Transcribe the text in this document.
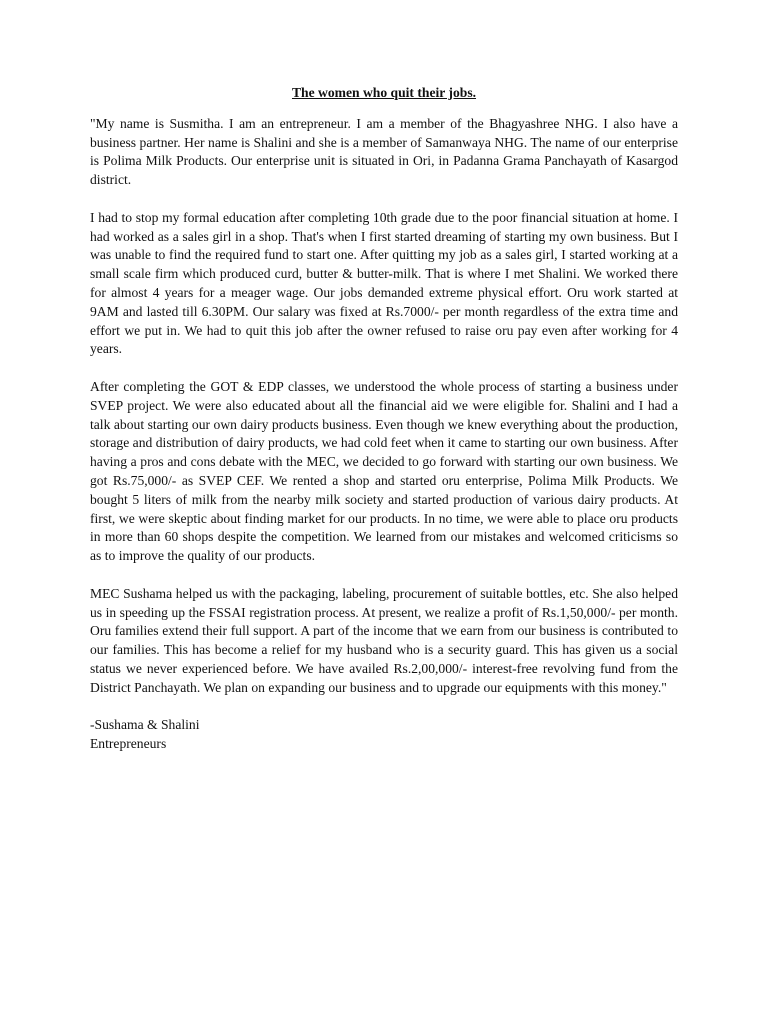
The women who quit their jobs.

"My name is Susmitha. I am an entrepreneur. I am a member of the Bhagyashree NHG. I also have a business partner. Her name is Shalini and she is a member of Samanwaya NHG. The name of our enterprise is Polima Milk Products. Our enterprise unit is situated in Ori, in Padanna Grama Panchayath of Kasargod district.

I had to stop my formal education after completing 10th grade due to the poor financial situation at home. I had worked as a sales girl in a shop. That's when I first started dreaming of starting my own business. But I was unable to find the required fund to start one. After quitting my job as a sales girl, I started working at a small scale firm which produced curd, butter & butter-milk. That is where I met Shalini. We worked there for almost 4 years for a meager wage. Our jobs demanded extreme physical effort. Oru work started at 9AM and lasted till 6.30PM. Our salary was fixed at Rs.7000/- per month regardless of the extra time and effort we put in. We had to quit this job after the owner refused to raise oru pay even after working for 4 years.

After completing the GOT & EDP classes, we understood the whole process of starting a business under SVEP project. We were also educated about all the financial aid we were eligible for. Shalini and I had a talk about starting our own dairy products business. Even though we knew everything about the production, storage and distribution of dairy products, we had cold feet when it came to starting our own business. After having a pros and cons debate with the MEC, we decided to go forward with starting our own business. We got Rs.75,000/- as SVEP CEF. We rented a shop and started oru enterprise, Polima Milk Products. We bought 5 liters of milk from the nearby milk society and started production of various dairy products. At first, we were skeptic about finding market for our products. In no time, we were able to place oru products in more than 60 shops despite the competition. We learned from our mistakes and welcomed criticisms so as to improve the quality of our products.

MEC Sushama helped us with the packaging, labeling, procurement of suitable bottles, etc. She also helped us in speeding up the FSSAI registration process. At present, we realize a profit of Rs.1,50,000/- per month. Oru families extend their full support. A part of the income that we earn from our business is contributed to our families. This has become a relief for my husband who is a security guard. This has given us a social status we never experienced before. We have availed Rs.2,00,000/- interest-free revolving fund from the District Panchayath. We plan on expanding our business and to upgrade our equipments with this money."

-Sushama & Shalini

Entrepreneurs
